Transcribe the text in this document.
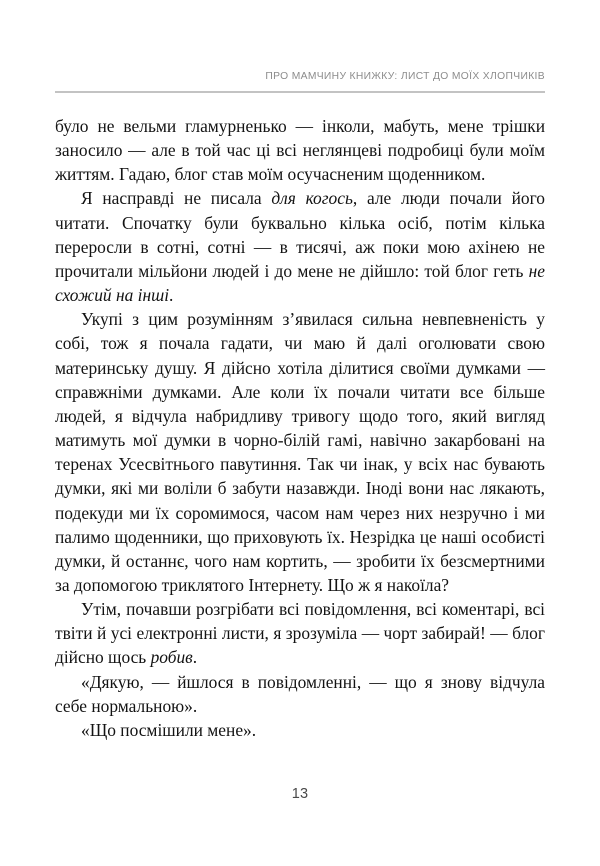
ПРО МАМЧИНУ КНИЖКУ: ЛИСТ ДО МОЇХ ХЛОПЧИКІВ

було не вельми гламурненько — інколи, мабуть, мене трішки заносило — але в той час ці всі неглянцеві подробиці були моїм життям. Гадаю, блог став моїм осучасненим щоденником.

Я насправді не писала для когось, але люди почали його читати. Спочатку були буквально кілька осіб, потім кілька переросли в сотні, сотні — в тисячі, аж поки мою ахінею не прочитали мільйони людей і до мене не дійшло: той блог геть не схожий на інші.

Укупі з цим розумінням з’явилася сильна невпевненість у собі, тож я почала гадати, чи маю й далі оголювати свою материнську душу. Я дійсно хотіла ділитися своїми думками — справжніми думками. Але коли їх почали читати все більше людей, я відчула набридливу тривогу щодо того, який вигляд матимуть мої думки в чорно-білій гамі, навічно закарбовані на теренах Усесвітнього павутиння. Так чи інак, у всіх нас бувають думки, які ми воліли б забути назавжди. Іноді вони нас лякають, подекуди ми їх соромимося, часом нам через них незручно і ми палимо щоденники, що приховують їх. Незрідка це наші особисті думки, й останнє, чого нам кортить, — зробити їх безсмертними за допомогою триклятого Інтернету. Що ж я накоїла?

Утім, почавши розгрібати всі повідомлення, всі коментарі, всі твіти й усі електронні листи, я зрозуміла — чорт забирай! — блог дійсно щось робив.

«Дякую, — йшлося в повідомленні, — що я знову відчула себе нормальною».

«Що посмішили мене».

13
